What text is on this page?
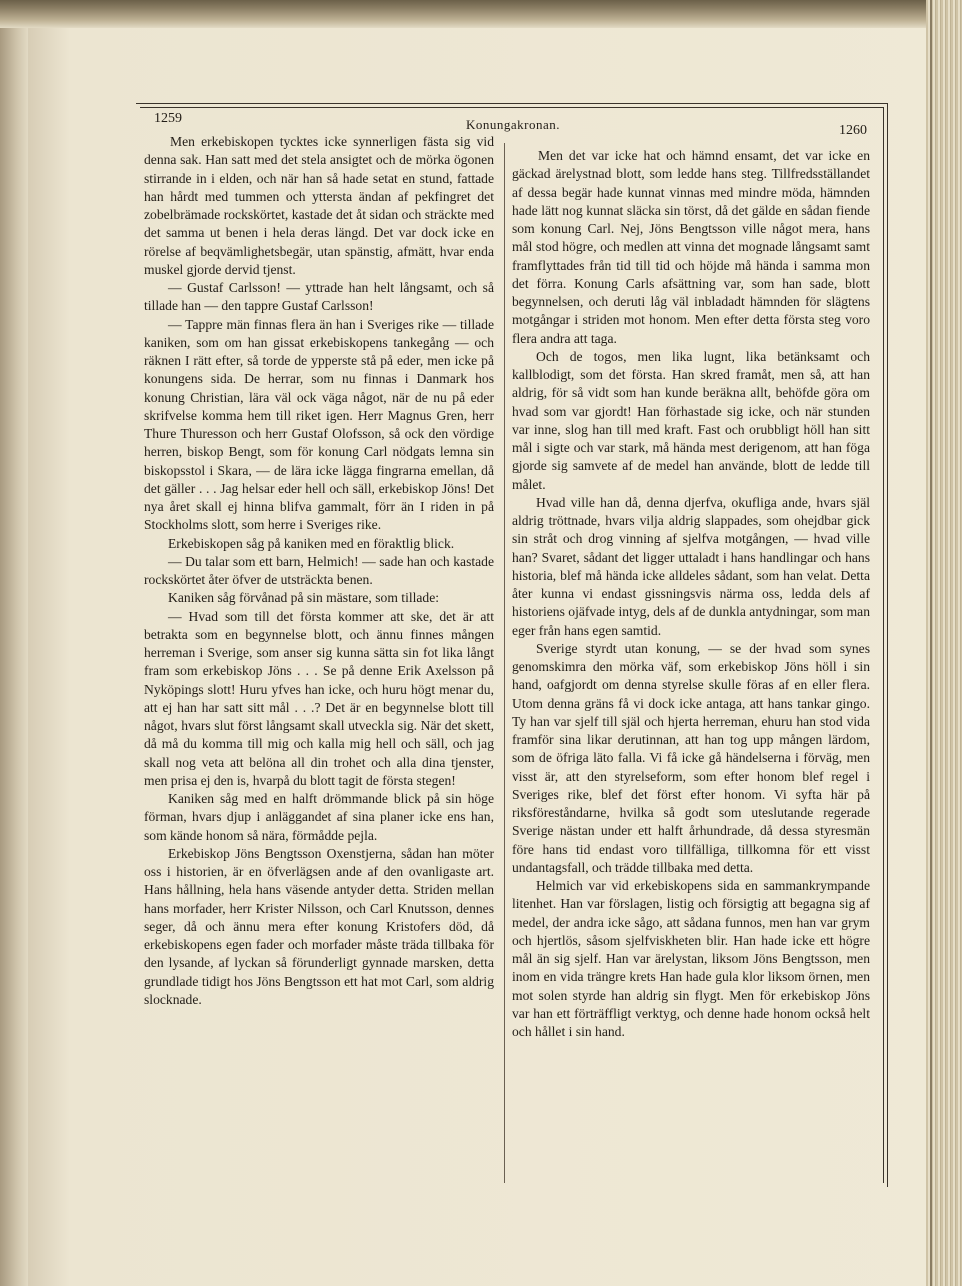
1259	Konungakronan.	1260

Men erkebiskopen tycktes icke synnerligen fästa sig vid denna sak. Han satt med det stela ansigtet och de mörka ögonen stirrande in i elden, och när han så hade setat en stund, fattade han hårdt med tummen och yttersta ändan af pekfingret det zobelbrämade rockskörtet, kastade det åt sidan och sträckte med det samma ut benen i hela deras längd. Det var dock icke en rörelse af beqvämlighetsbegär, utan spänstig, afmätt, hvar enda muskel gjorde dervid tjenst.

— Gustaf Carlsson! — yttrade han helt långsamt, och så tillade han — den tappre Gustaf Carlsson!

— Tappre män finnas flera än han i Sveriges rike — tillade kaniken, som om han gissat erkebiskopens tankegång — och räknen I rätt efter, så torde de ypperste stå på eder, men icke på konungens sida. De herrar, som nu finnas i Danmark hos konung Christian, lära väl ock väga något, när de nu på eder skrifvelse komma hem till riket igen. Herr Magnus Gren, herr Thure Thuresson och herr Gustaf Olofsson, så ock den vördige herren, biskop Bengt, som för konung Carl nödgats lemna sin biskopsstol i Skara, — de lära icke lägga fingrarna emellan, då det gäller . . . Jag helsar eder hell och säll, erkebiskop Jöns! Det nya året skall ej hinna blifva gammalt, förr än I riden in på Stockholms slott, som herre i Sveriges rike.

Erkebiskopen såg på kaniken med en föraktlig blick.

— Du talar som ett barn, Helmich! — sade han och kastade rockskörtet åter öfver de utsträckta benen.

Kaniken såg förvånad på sin mästare, som tillade:

— Hvad som till det första kommer att ske, det är att betrakta som en begynnelse blott, och ännu finnes mången herreman i Sverige, som anser sig kunna sätta sin fot lika långt fram som erkebiskop Jöns . . . Se på denne Erik Axelsson på Nyköpings slott! Huru yfves han icke, och huru högt menar du, att ej han har satt sitt mål . . .? Det är en begynnelse blott till något, hvars slut först långsamt skall utveckla sig. När det skett, då må du komma till mig och kalla mig hell och säll, och jag skall nog veta att belöna all din trohet och alla dina tjenster, men prisa ej den is, hvarpå du blott tagit de första stegen!

Kaniken såg med en halft drömmande blick på sin höge förman, hvars djup i anläggandet af sina planer icke ens han, som kände honom så nära, förmådde pejla.

Erkebiskop Jöns Bengtsson Oxenstjerna, sådan han möter oss i historien, är en öfverlägsen ande af den ovanligaste art. Hans hållning, hela hans väsende antyder detta. Striden mellan hans morfader, herr Krister Nilsson, och Carl Knutsson, dennes seger, då och ännu mera efter konung Kristofers död, då erkebiskopens egen fader och morfader måste träda tillbaka för den lysande, af lyckan så förunderligt gynnade marsken, detta grundlade tidigt hos Jöns Bengtsson ett hat mot Carl, som aldrig slocknade.

Men det var icke hat och hämnd ensamt, det var icke en gäckad ärelystnad blott, som ledde hans steg. Tillfredsställandet af dessa begär hade kunnat vinnas med mindre möda, hämnden hade lätt nog kunnat släcka sin törst, då det gälde en sådan fiende som konung Carl. Nej, Jöns Bengtsson ville något mera, hans mål stod högre, och medlen att vinna det mognade långsamt samt framflyttades från tid till tid och höjde må hända i samma mon det förra. Konung Carls afsättning var, som han sade, blott begynnelsen, och deruti låg väl inbladadt hämnden för slägtens motgångar i striden mot honom. Men efter detta första steg voro flera andra att taga.

Och de togos, men lika lugnt, lika betänksamt och kallblodigt, som det första. Han skred framåt, men så, att han aldrig, för så vidt som han kunde beräkna allt, behöfde göra om hvad som var gjordt! Han förhastade sig icke, och när stunden var inne, slog han till med kraft. Fast och orubbligt höll han sitt mål i sigte och var stark, må hända mest derigenom, att han föga gjorde sig samvete af de medel han använde, blott de ledde till målet.

Hvad ville han då, denna djerfva, okufliga ande, hvars själ aldrig tröttnade, hvars vilja aldrig slappades, som ohejdbar gick sin stråt och drog vinning af sjelfva motgången, — hvad ville han? Svaret, sådant det ligger uttaladt i hans handlingar och hans historia, blef må hända icke alldeles sådant, som han velat. Detta åter kunna vi endast gissningsvis närma oss, ledda dels af historiens ojäfvade intyg, dels af de dunkla antydningar, som man eger från hans egen samtid.

Sverige styrdt utan konung, — se der hvad som synes genomskimra den mörka väf, som erkebiskop Jöns höll i sin hand, oafgjordt om denna styrelse skulle föras af en eller flera. Utom denna gräns få vi dock icke antaga, att hans tankar gingo. Ty han var sjelf till själ och hjerta herreman, ehuru han stod vida framför sina likar derutinnan, att han tog upp mången lärdom, som de öfriga läto falla. Vi få icke gå händelserna i förväg, men visst är, att den styrelseform, som efter honom blef regel i Sveriges rike, blef det först efter honom. Vi syfta här på riksföreståndarne, hvilka så godt som uteslutande regerade Sverige nästan under ett halft århundrade, då dessa styresmän före hans tid endast voro tillfälliga, tillkomna för ett visst undantagsfall, och trädde tillbaka med detta.

Helmich var vid erkebiskopens sida en sammankrympande litenhet. Han var förslagen, listig och försigtig att begagna sig af medel, der andra icke sågo, att sådana funnos, men han var grym och hjertlös, såsom sjelfviskheten blir. Han hade icke ett högre mål än sig sjelf. Han var ärelystan, liksom Jöns Bengtsson, men inom en vida trängre krets Han hade gula klor liksom örnen, men mot solen styrde han aldrig sin flygt. Men för erkebiskop Jöns var han ett förträffligt verktyg, och denne hade honom också helt och hållet i sin hand.
